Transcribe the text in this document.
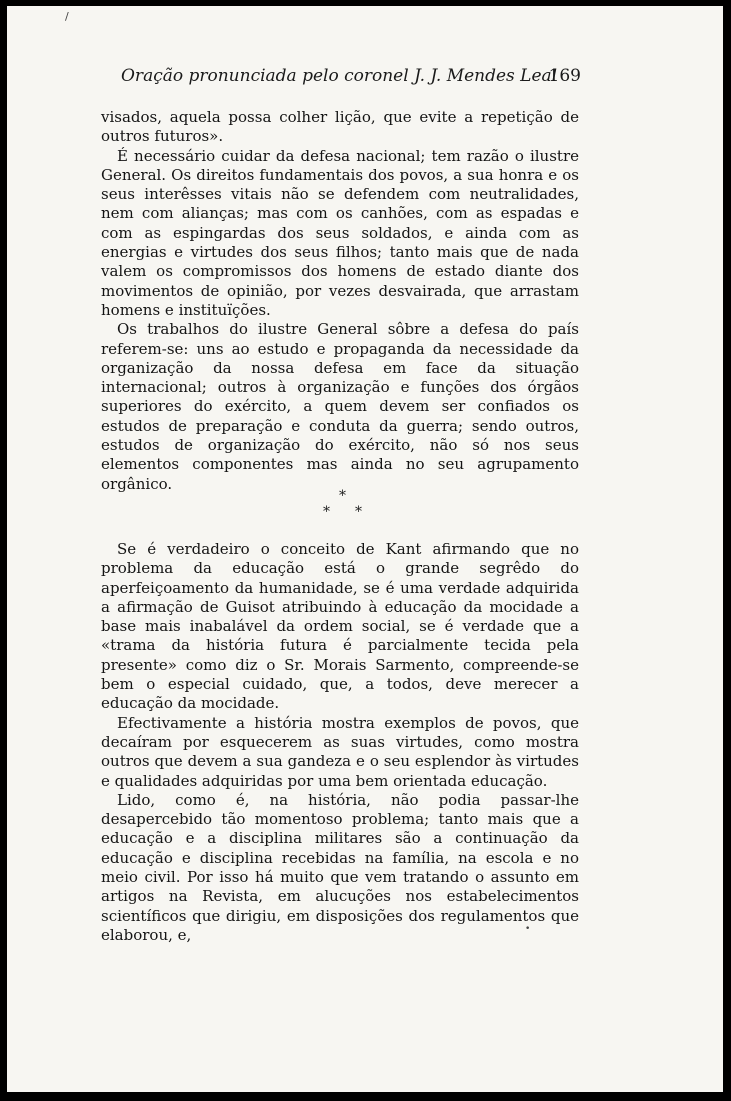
/
Oração pronunciada pelo coronel J. J. Mendes Leal
169

visados, aquela possa colher lição, que evite a repetição de outros futuros».

É necessário cuidar da defesa nacional; tem razão o ilustre General. Os direitos fundamentais dos povos, a sua honra e os seus interêsses vitais não se defendem com neutralidades, nem com alianças; mas com os canhões, com as espadas e com as espingardas dos seus soldados, e ainda com as energias e virtudes dos seus filhos; tanto mais que de nada valem os compromissos dos homens de estado diante dos movimentos de opinião, por vezes desvairada, que arrastam homens e instituïções.

Os trabalhos do ilustre General sôbre a defesa do país referem-se: uns ao estudo e propaganda da necessidade da organização da nossa defesa em face da situação internacional; outros à organização e funções dos órgãos superiores do exército, a quem devem ser confiados os estudos de preparação e conduta da guerra; sendo outros, estudos de organização do exército, não só nos seus elementos componentes mas ainda no seu agrupamento orgânico.

*
* *

Se é verdadeiro o conceito de Kant afirmando que no problema da educação está o grande segrêdo do aperfeiçoamento da humanidade, se é uma verdade adquirida a afirmação de Guisot atribuindo à educação da mocidade a base mais inabalável da ordem social, se é verdade que a «trama da história futura é parcialmente tecida pela presente» como diz o Sr. Morais Sarmento, compreende-se bem o especial cuidado, que, a todos, deve merecer a educação da mocidade.

Efectivamente a história mostra exemplos de povos, que decaíram por esquecerem as suas virtudes, como mostra outros que devem a sua gandeza e o seu esplendor às virtudes e qualidades adquiridas por uma bem orientada educação.

Lido, como é, na história, não podia passar-lhe desapercebido tão momentoso problema; tanto mais que a educação e a disciplina militares são a continuação da educação e disciplina recebidas na família, na escola e no meio civil. Por isso há muito que vem tratando o assunto em artigos na Revista, em alucuções nos estabelecimentos scientíficos que dirigiu, em disposições dos regulamentos que elaborou, e,	•
